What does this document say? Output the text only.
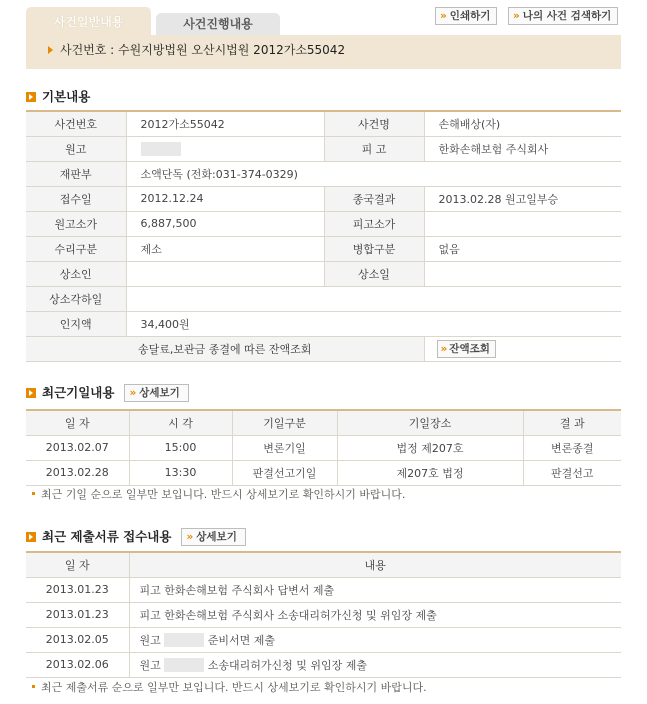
사건일반내용	사건진행내용
» 인쇄하기	» 나의 사건 검색하기
사건번호 : 수원지방법원 오산시법원 2012가소55042
기본내용
사건번호	2012가소55042	사건명	손해배상(자)
원고		피 고	한화손해보험 주식회사
재판부	소액단독 (전화:031-374-0329)		
접수일	2012.12.24	종국결과	2013.02.28 원고일부승
원고소가	6,887,500	피고소가	
수리구분	제소	병합구분	없음
상소인		상소일	
상소각하일			
인지액	34,400원		
송달료,보관금 종결에 따른 잔액조회			» 잔액조회
최근기일내용 » 상세보기
일 자	시 각	기일구분	기일장소	결 과
2013.02.07	15:00	변론기일	법정 제207호	변론종결
2013.02.28	13:30	판결선고기일	제207호 법정	판결선고
최근 기일 순으로 일부만 보입니다. 반드시 상세보기로 확인하시기 바랍니다.
최근 제출서류 접수내용 » 상세보기
일 자	내용
2013.01.23	피고 한화손해보험 주식회사 답변서 제출
2013.01.23	피고 한화손해보험 주식회사 소송대리허가신청 및 위임장 제출
2013.02.05	원고 준비서면 제출
2013.02.06	원고 소송대리허가신청 및 위임장 제출
최근 제출서류 순으로 일부만 보입니다. 반드시 상세보기로 확인하시기 바랍니다.
